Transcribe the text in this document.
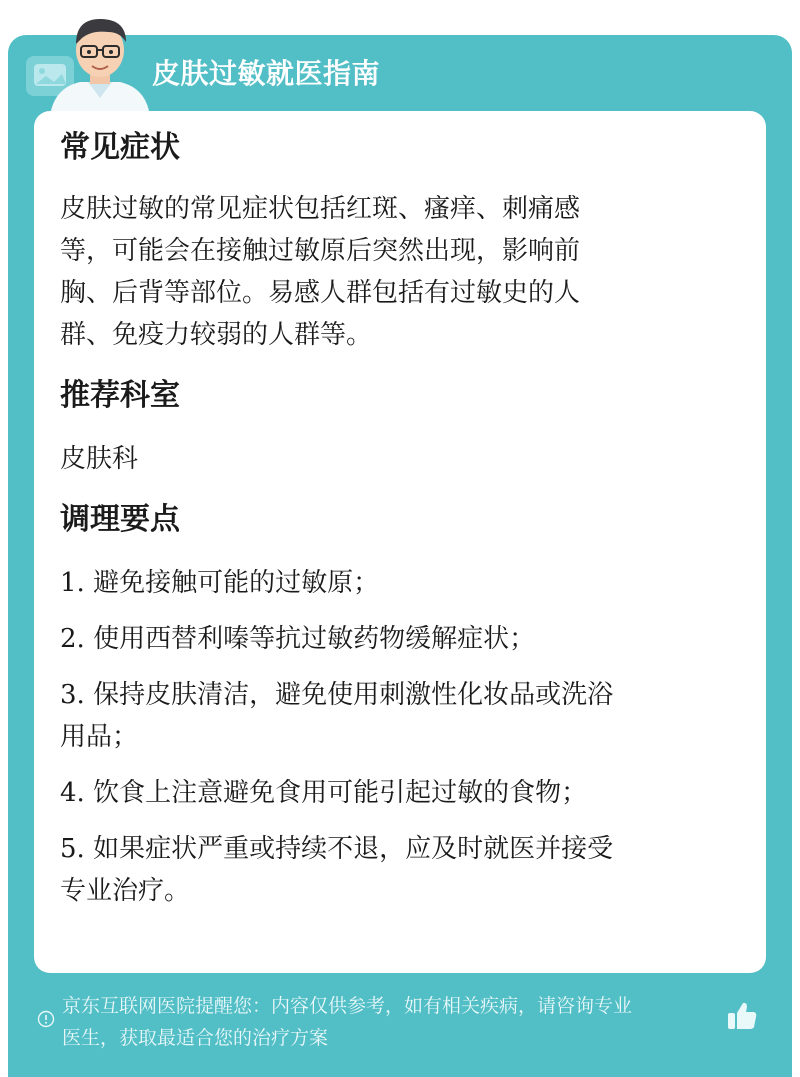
皮肤过敏就医指南

常见症状

皮肤过敏的常见症状包括红斑、瘙痒、刺痛感

等，可能会在接触过敏原后突然出现，影响前

胸、后背等部位。易感人群包括有过敏史的人

群、免疫力较弱的人群等。

推荐科室

皮肤科

调理要点

1. 避免接触可能的过敏原；
2. 使用西替利嗪等抗过敏药物缓解症状；

3. 保持皮肤清洁，避免使用刺激性化妆品或洗浴

用品；

4. 饮食上注意避免食用可能引起过敏的食物；

5. 如果症状严重或持续不退，应及时就医并接受

专业治疗。

京东互联网医院提醒您：内容仅供参考，如有相关疾病，请咨询专业
医生，获取最适合您的治疗方案
